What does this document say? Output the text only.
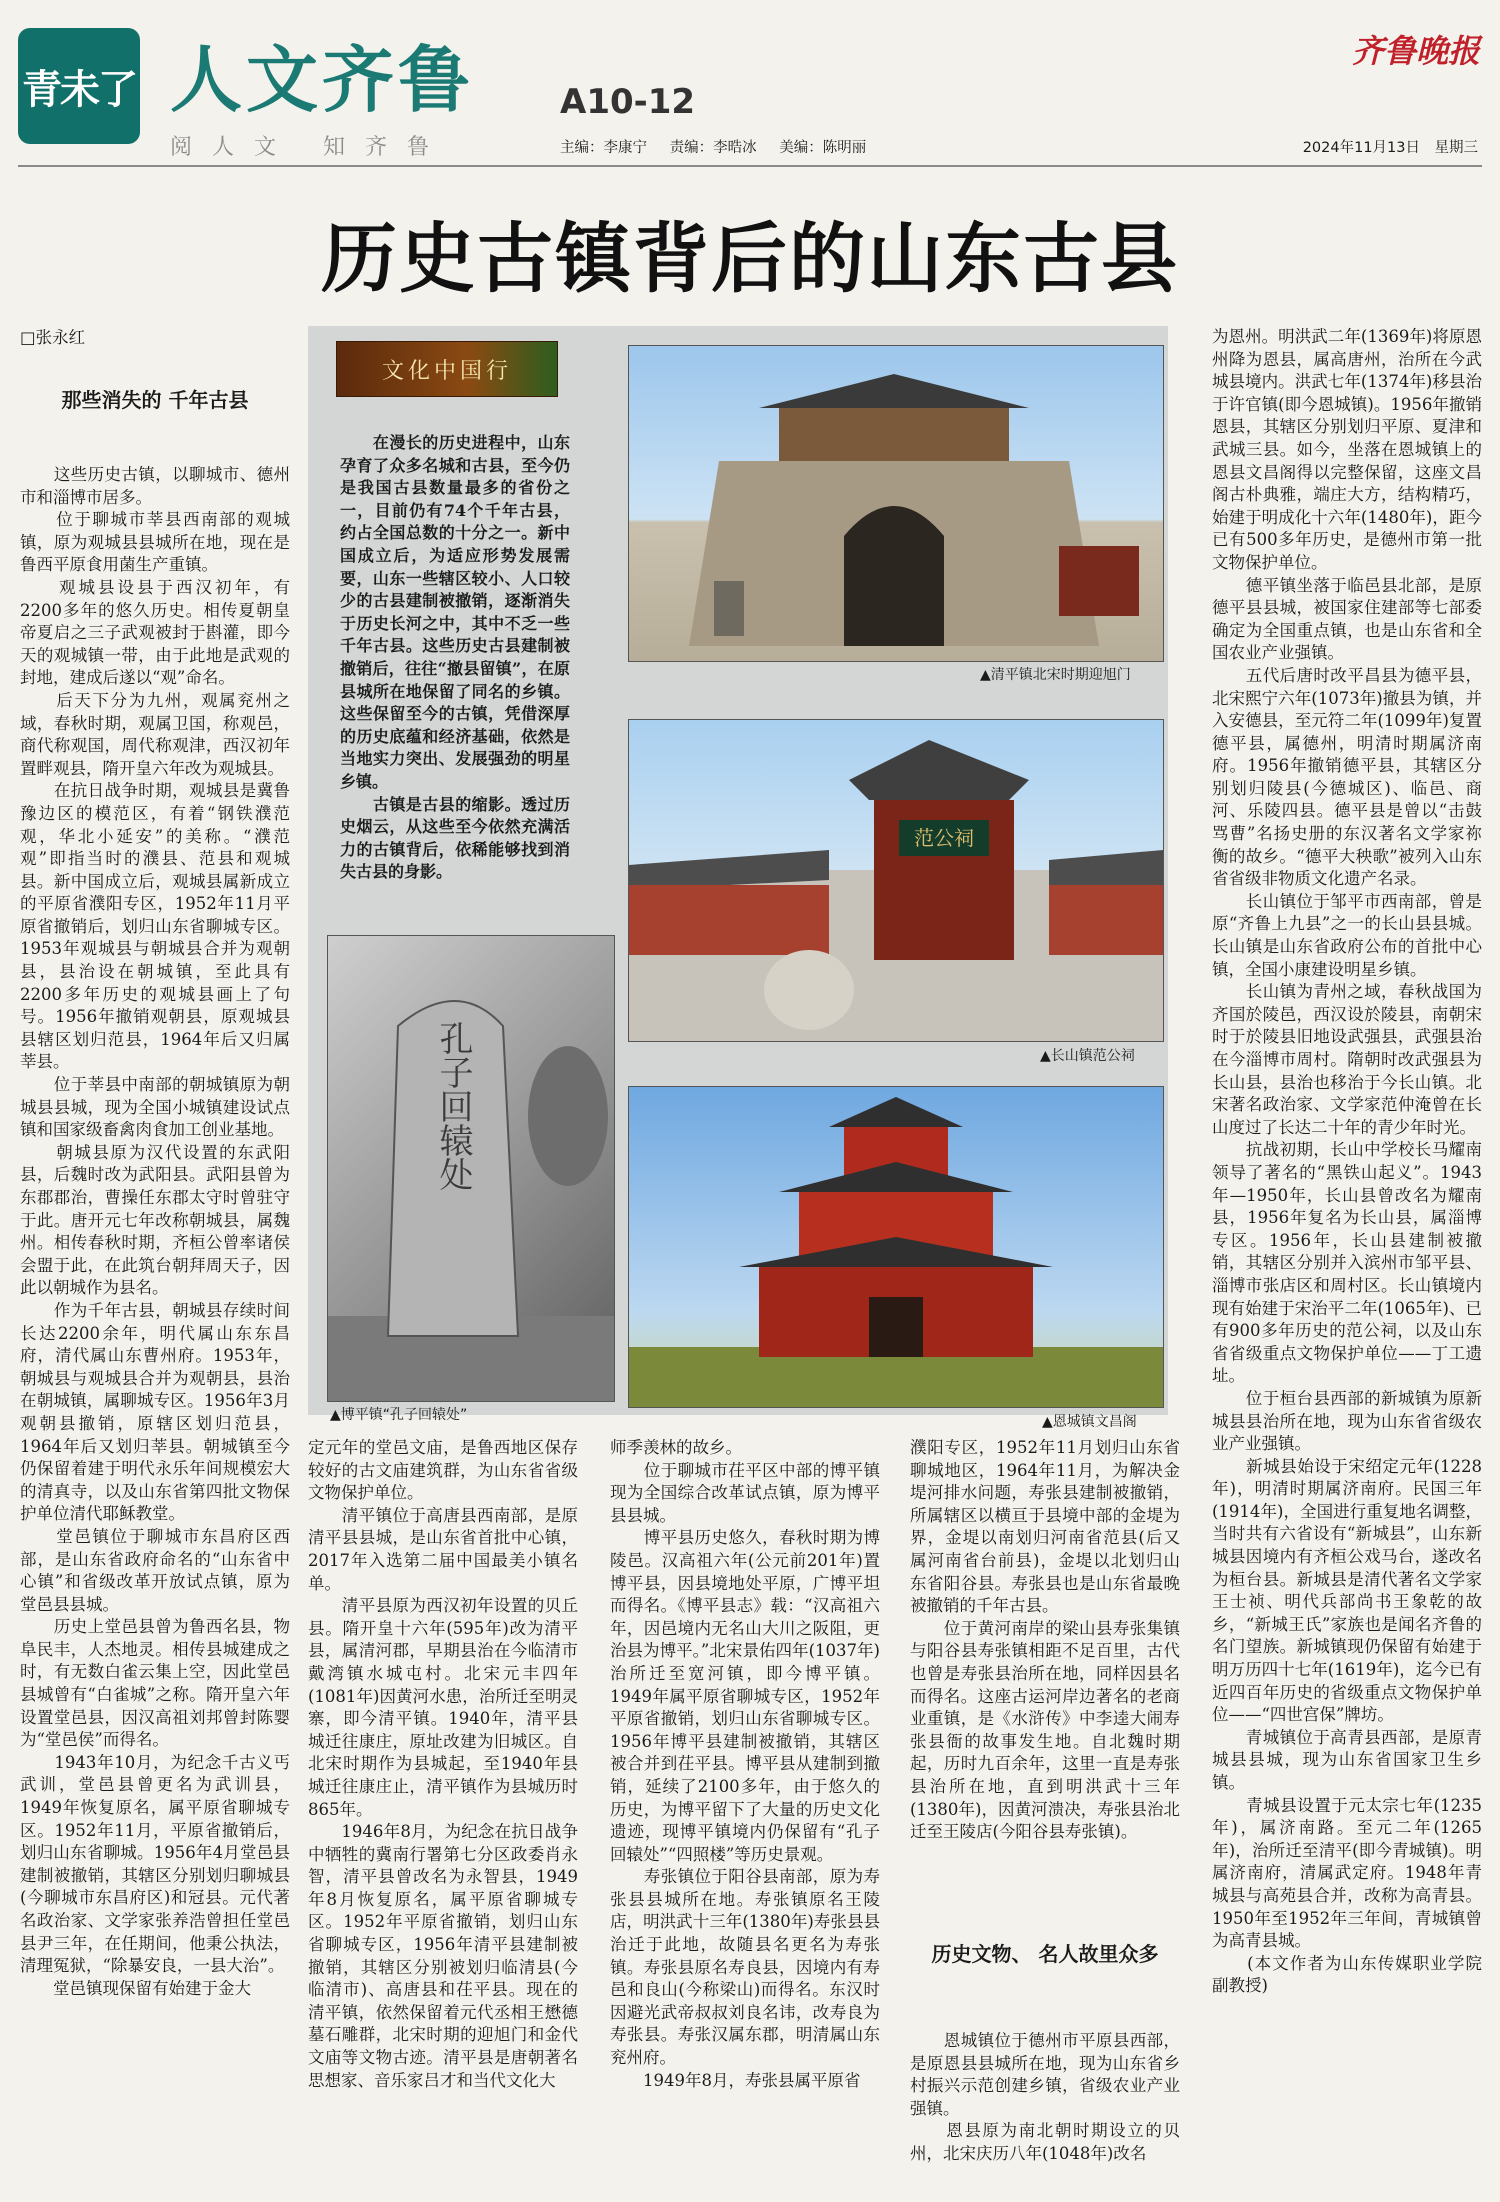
青未了 人文齐鲁	A10-12
齐鲁晚报
阅人文 知齐鲁	主编：李康宁 责编：李晧冰 美编：陈明丽	2024年11月13日　星期三
历史古镇背后的山东古县
□张永红
那些消失的 千年古县
　　这些历史古镇，以聊城市、德州市和淄博市居多。
　　位于聊城市莘县西南部的观城镇，原为观城县县城所在地，现在是鲁西平原食用菌生产重镇。
　　观城县设县于西汉初年，有2200多年的悠久历史。相传夏朝皇帝夏启之三子武观被封于斟灌，即今天的观城镇一带，由于此地是武观的封地，建成后遂以“观”命名。
　　后天下分为九州，观属兖州之域，春秋时期，观属卫国，称观邑，商代称观国，周代称观津，西汉初年置畔观县，隋开皇六年改为观城县。
　　在抗日战争时期，观城县是冀鲁豫边区的模范区，有着“钢铁濮范观，华北小延安”的美称。“濮范观”即指当时的濮县、范县和观城县。新中国成立后，观城县属新成立的平原省濮阳专区，1952年11月平原省撤销后，划归山东省聊城专区。1953年观城县与朝城县合并为观朝县，县治设在朝城镇，至此具有2200多年历史的观城县画上了句号。1956年撤销观朝县，原观城县县辖区划归范县，1964年后又归属莘县。
　　位于莘县中南部的朝城镇原为朝城县县城，现为全国小城镇建设试点镇和国家级畜禽肉食加工创业基地。
　　朝城县原为汉代设置的东武阳县，后魏时改为武阳县。武阳县曾为东郡郡治，曹操任东郡太守时曾驻守于此。唐开元七年改称朝城县，属魏州。相传春秋时期，齐桓公曾率诸侯会盟于此，在此筑台朝拜周天子，因此以朝城作为县名。
　　作为千年古县，朝城县存续时间长达2200余年，明代属山东东昌府，清代属山东曹州府。1953年，朝城县与观城县合并为观朝县，县治在朝城镇，属聊城专区。1956年3月观朝县撤销，原辖区划归范县，1964年后又划归莘县。朝城镇至今仍保留着建于明代永乐年间规模宏大的清真寺，以及山东省第四批文物保护单位清代耶稣教堂。
　　堂邑镇位于聊城市东昌府区西部，是山东省政府命名的“山东省中心镇”和省级改革开放试点镇，原为堂邑县县城。
　　历史上堂邑县曾为鲁西名县，物阜民丰，人杰地灵。相传县城建成之时，有无数白雀云集上空，因此堂邑县城曾有“白雀城”之称。隋开皇六年设置堂邑县，因汉高祖刘邦曾封陈婴为“堂邑侯”而得名。
　　1943年10月，为纪念千古义丐武训，堂邑县曾更名为武训县，1949年恢复原名，属平原省聊城专区。1952年11月，平原省撤销后，划归山东省聊城。1956年4月堂邑县建制被撤销，其辖区分别划归聊城县(今聊城市东昌府区)和冠县。元代著名政治家、文学家张养浩曾担任堂邑县尹三年，在任期间，他秉公执法，清理冤狱，“除暴安良，一县大治”。
　　堂邑镇现保留有始建于金大
文化中国行
　　在漫长的历史进程中，山东孕育了众多名城和古县，至今仍是我国古县数量最多的省份之一，目前仍有74个千年古县，约占全国总数的十分之一。新中国成立后，为适应形势发展需要，山东一些辖区较小、人口较少的古县建制被撤销，逐渐消失于历史长河之中，其中不乏一些千年古县。这些历史古县建制被撤销后，往往“撤县留镇”，在原县城所在地保留了同名的乡镇。这些保留至今的古镇，凭借深厚的历史底蕴和经济基础，依然是当地实力突出、发展强劲的明星乡镇。
　　古镇是古县的缩影。透过历史烟云，从这些至今依然充满活力的古镇背后，依稀能够找到消失古县的身影。
▲清平镇北宋时期迎旭门
范公祠
▲长山镇范公祠
▲恩城镇文昌阁
孔子回辕处
▲博平镇“孔子回辕处”
定元年的堂邑文庙，是鲁西地区保存较好的古文庙建筑群，为山东省省级文物保护单位。
　　清平镇位于高唐县西南部，是原清平县县城，是山东省首批中心镇，2017年入选第二届中国最美小镇名单。
　　清平县原为西汉初年设置的贝丘县。隋开皇十六年(595年)改为清平县，属清河郡，早期县治在今临清市戴湾镇水城屯村。北宋元丰四年(1081年)因黄河水患，治所迁至明灵寨，即今清平镇。1940年，清平县城迁往康庄，原址改建为旧城区。自北宋时期作为县城起，至1940年县城迁往康庄止，清平镇作为县城历时865年。
　　1946年8月，为纪念在抗日战争中牺牲的冀南行署第七分区政委肖永智，清平县曾改名为永智县，1949年8月恢复原名，属平原省聊城专区。1952年平原省撤销，划归山东省聊城专区，1956年清平县建制被撤销，其辖区分别被划归临清县(今临清市)、高唐县和茌平县。现在的清平镇，依然保留着元代丞相王懋德墓石雕群，北宋时期的迎旭门和金代文庙等文物古迹。清平县是唐朝著名思想家、音乐家吕才和当代文化大
师季羡林的故乡。
　　位于聊城市茌平区中部的博平镇现为全国综合改革试点镇，原为博平县县城。
　　博平县历史悠久，春秋时期为博陵邑。汉高祖六年(公元前201年)置博平县，因县境地处平原，广博平坦而得名。《博平县志》载：“汉高祖六年，因邑境内无名山大川之阪阻，更治县为博平。”北宋景佑四年(1037年)治所迁至宽河镇，即今博平镇。1949年属平原省聊城专区，1952年平原省撤销，划归山东省聊城专区。1956年博平县建制被撤销，其辖区被合并到茌平县。博平县从建制到撤销，延续了2100多年，由于悠久的历史，为博平留下了大量的历史文化遗迹，现博平镇境内仍保留有“孔子回辕处”“四照楼”等历史景观。
　　寿张镇位于阳谷县南部，原为寿张县县城所在地。寿张镇原名王陵店，明洪武十三年(1380年)寿张县县治迁于此地，故随县名更名为寿张镇。寿张县原名寿良县，因境内有寿邑和良山(今称梁山)而得名。东汉时因避光武帝叔叔刘良名讳，改寿良为寿张县。寿张汉属东郡，明清属山东兖州府。
　　1949年8月，寿张县属平原省
濮阳专区，1952年11月划归山东省聊城地区，1964年11月，为解决金堤河排水问题，寿张县建制被撤销，所属辖区以横亘于县境中部的金堤为界，金堤以南划归河南省范县(后又属河南省台前县)，金堤以北划归山东省阳谷县。寿张县也是山东省最晚被撤销的千年古县。
　　位于黄河南岸的梁山县寿张集镇与阳谷县寿张镇相距不足百里，古代也曾是寿张县治所在地，同样因县名而得名。这座古运河岸边著名的老商业重镇，是《水浒传》中李逵大闹寿张县衙的故事发生地。自北魏时期起，历时九百余年，这里一直是寿张县治所在地，直到明洪武十三年(1380年)，因黄河溃决，寿张县治北迁至王陵店(今阳谷县寿张镇)。
历史文物、 名人故里众多
　　恩城镇位于德州市平原县西部，是原恩县县城所在地，现为山东省乡村振兴示范创建乡镇，省级农业产业强镇。
　　恩县原为南北朝时期设立的贝州，北宋庆历八年(1048年)改名
为恩州。明洪武二年(1369年)将原恩州降为恩县，属高唐州，治所在今武城县境内。洪武七年(1374年)移县治于许官镇(即今恩城镇)。1956年撤销恩县，其辖区分别划归平原、夏津和武城三县。如今，坐落在恩城镇上的恩县文昌阁得以完整保留，这座文昌阁古朴典雅，端庄大方，结构精巧，始建于明成化十六年(1480年)，距今已有500多年历史，是德州市第一批文物保护单位。
　　德平镇坐落于临邑县北部，是原德平县县城，被国家住建部等七部委确定为全国重点镇，也是山东省和全国农业产业强镇。
　　五代后唐时改平昌县为德平县，北宋熙宁六年(1073年)撤县为镇，并入安德县，至元符二年(1099年)复置德平县，属德州，明清时期属济南府。1956年撤销德平县，其辖区分别划归陵县(今德城区)、临邑、商河、乐陵四县。德平县是曾以“击鼓骂曹”名扬史册的东汉著名文学家祢衡的故乡。“德平大秧歌”被列入山东省省级非物质文化遗产名录。
　　长山镇位于邹平市西南部，曾是原“齐鲁上九县”之一的长山县县城。长山镇是山东省政府公布的首批中心镇，全国小康建设明星乡镇。
　　长山镇为青州之域，春秋战国为齐国於陵邑，西汉设於陵县，南朝宋时于於陵县旧地设武强县，武强县治在今淄博市周村。隋朝时改武强县为长山县，县治也移治于今长山镇。北宋著名政治家、文学家范仲淹曾在长山度过了长达二十年的青少年时光。
　　抗战初期，长山中学校长马耀南领导了著名的“黑铁山起义”。1943年—1950年，长山县曾改名为耀南县，1956年复名为长山县，属淄博专区。1956年，长山县建制被撤销，其辖区分别并入滨州市邹平县、淄博市张店区和周村区。长山镇境内现有始建于宋治平二年(1065年)、已有900多年历史的范公祠，以及山东省省级重点文物保护单位——丁工遗址。
　　位于桓台县西部的新城镇为原新城县县治所在地，现为山东省省级农业产业强镇。
　　新城县始设于宋绍定元年(1228年)，明清时期属济南府。民国三年(1914年)，全国进行重复地名调整，当时共有六省设有“新城县”，山东新城县因境内有齐桓公戏马台，遂改名为桓台县。新城县是清代著名文学家王士祯、明代兵部尚书王象乾的故乡，“新城王氏”家族也是闻名齐鲁的名门望族。新城镇现仍保留有始建于明万历四十七年(1619年)，迄今已有近四百年历史的省级重点文物保护单位——“四世宫保”牌坊。
　　青城镇位于高青县西部，是原青城县县城，现为山东省国家卫生乡镇。
　　青城县设置于元太宗七年(1235年)，属济南路。至元二年(1265年)，治所迁至清平(即今青城镇)。明属济南府，清属武定府。1948年青城县与高苑县合并，改称为高青县。1950年至1952年三年间，青城镇曾为高青县城。
　　(本文作者为山东传媒职业学院副教授)
